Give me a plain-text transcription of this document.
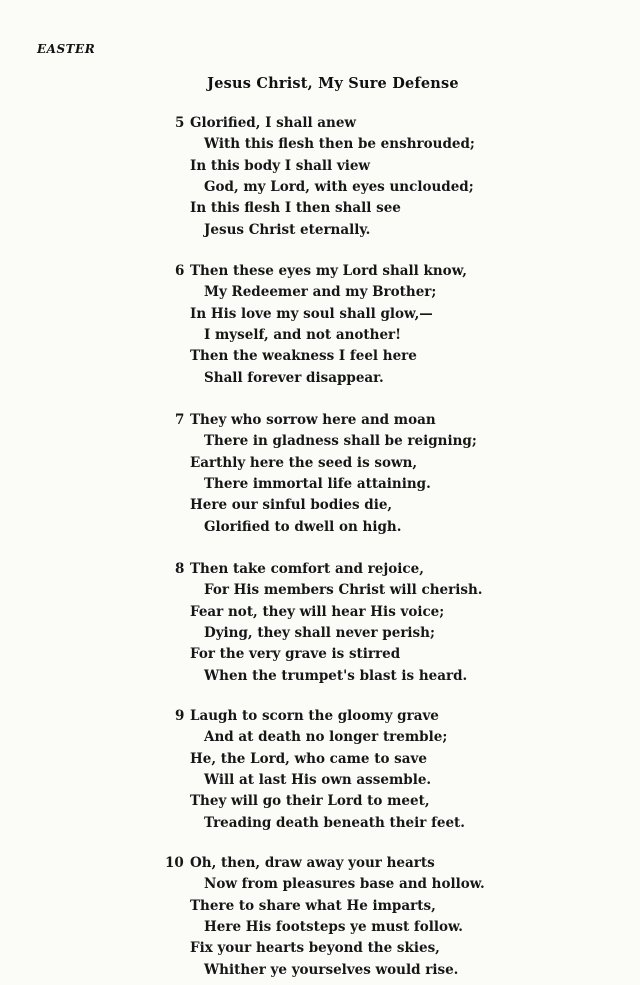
EASTER
Jesus Christ, My Sure Defense
5 Glorified, I shall anew
With this flesh then be enshrouded;
In this body I shall view
God, my Lord, with eyes unclouded;
In this flesh I then shall see
Jesus Christ eternally.
6 Then these eyes my Lord shall know,
My Redeemer and my Brother;
In His love my soul shall glow,—
I myself, and not another!
Then the weakness I feel here
Shall forever disappear.
7 They who sorrow here and moan
There in gladness shall be reigning;
Earthly here the seed is sown,
There immortal life attaining.
Here our sinful bodies die,
Glorified to dwell on high.
8 Then take comfort and rejoice,
For His members Christ will cherish.
Fear not, they will hear His voice;
Dying, they shall never perish;
For the very grave is stirred
When the trumpet's blast is heard.
9 Laugh to scorn the gloomy grave
And at death no longer tremble;
He, the Lord, who came to save
Will at last His own assemble.
They will go their Lord to meet,
Treading death beneath their feet.
10 Oh, then, draw away your hearts
Now from pleasures base and hollow.
There to share what He imparts,
Here His footsteps ye must follow.
Fix your hearts beyond the skies,
Whither ye yourselves would rise.
